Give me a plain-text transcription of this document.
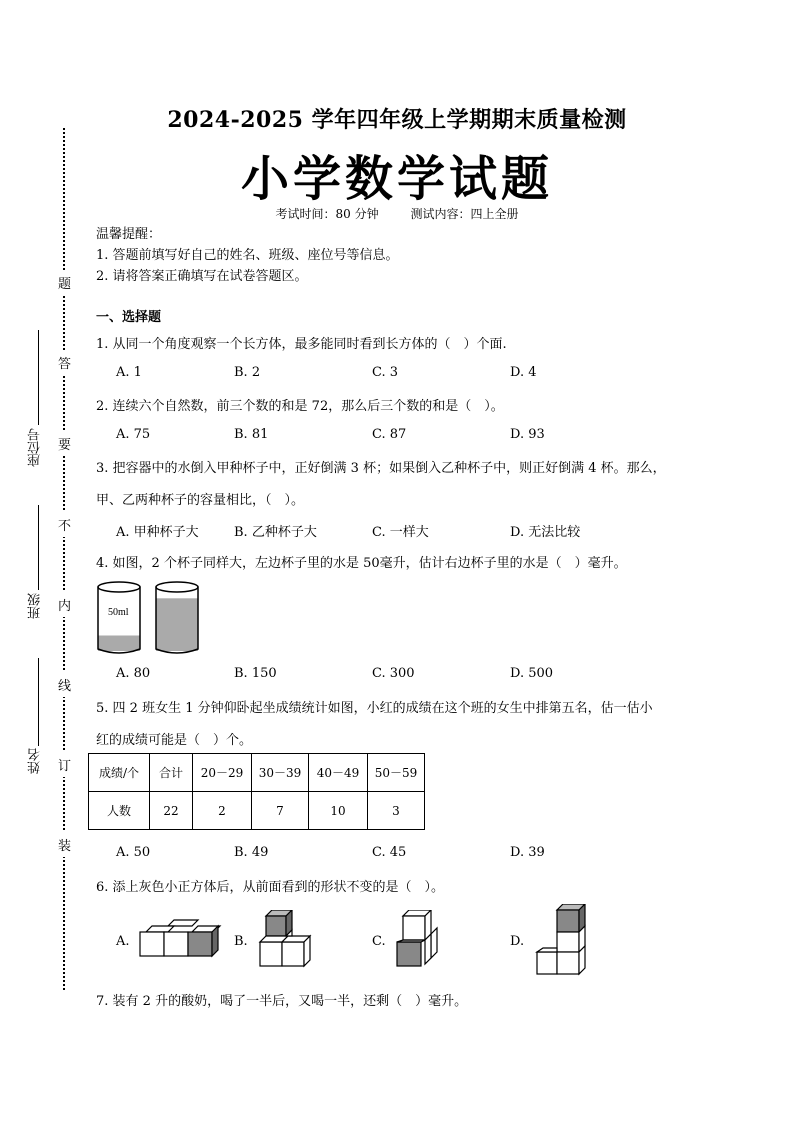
题
答
要
不
内
线
订
装
座位号
班级
姓名
2024-2025 学年四年级上学期期末质量检测
小学数学试题
考试时间：80 分钟	测试内容：四上全册
温馨提醒：
1. 答题前填写好自己的姓名、班级、座位号等信息。
2. 请将答案正确填写在试卷答题区。
一、选择题
1. 从同一个角度观察一个长方体，最多能同时看到长方体的（　）个面.
A. 1	B. 2	C. 3	D. 4
2. 连续六个自然数，前三个数的和是 72，那么后三个数的和是（　）。
A. 75	B. 81	C. 87	D. 93
3. 把容器中的水倒入甲种杯子中，正好倒满 3 杯；如果倒入乙种杯子中，则正好倒满 4 杯。那么，
甲、乙两种杯子的容量相比，（　）。
A. 甲种杯子大	B. 乙种杯子大	C. 一样大	D. 无法比较
4. 如图，2 个杯子同样大，左边杯子里的水是 50毫升，估计右边杯子里的水是（　）毫升。
50ml
A. 80	B. 150	C. 300	D. 500
5. 四 2 班女生 1 分钟仰卧起坐成绩统计如图，小红的成绩在这个班的女生中排第五名，估一估小
红的成绩可能是（　）个。
成绩/个	合计	20－29	30－39	40－49	50－59
人数	22	2	7	10	3
A. 50	B. 49	C. 45	D. 39
6. 添上灰色小正方体后，从前面看到的形状不变的是（　）。
A.	B.	C.	D.
7. 装有 2 升的酸奶，喝了一半后，又喝一半，还剩（　）毫升。
